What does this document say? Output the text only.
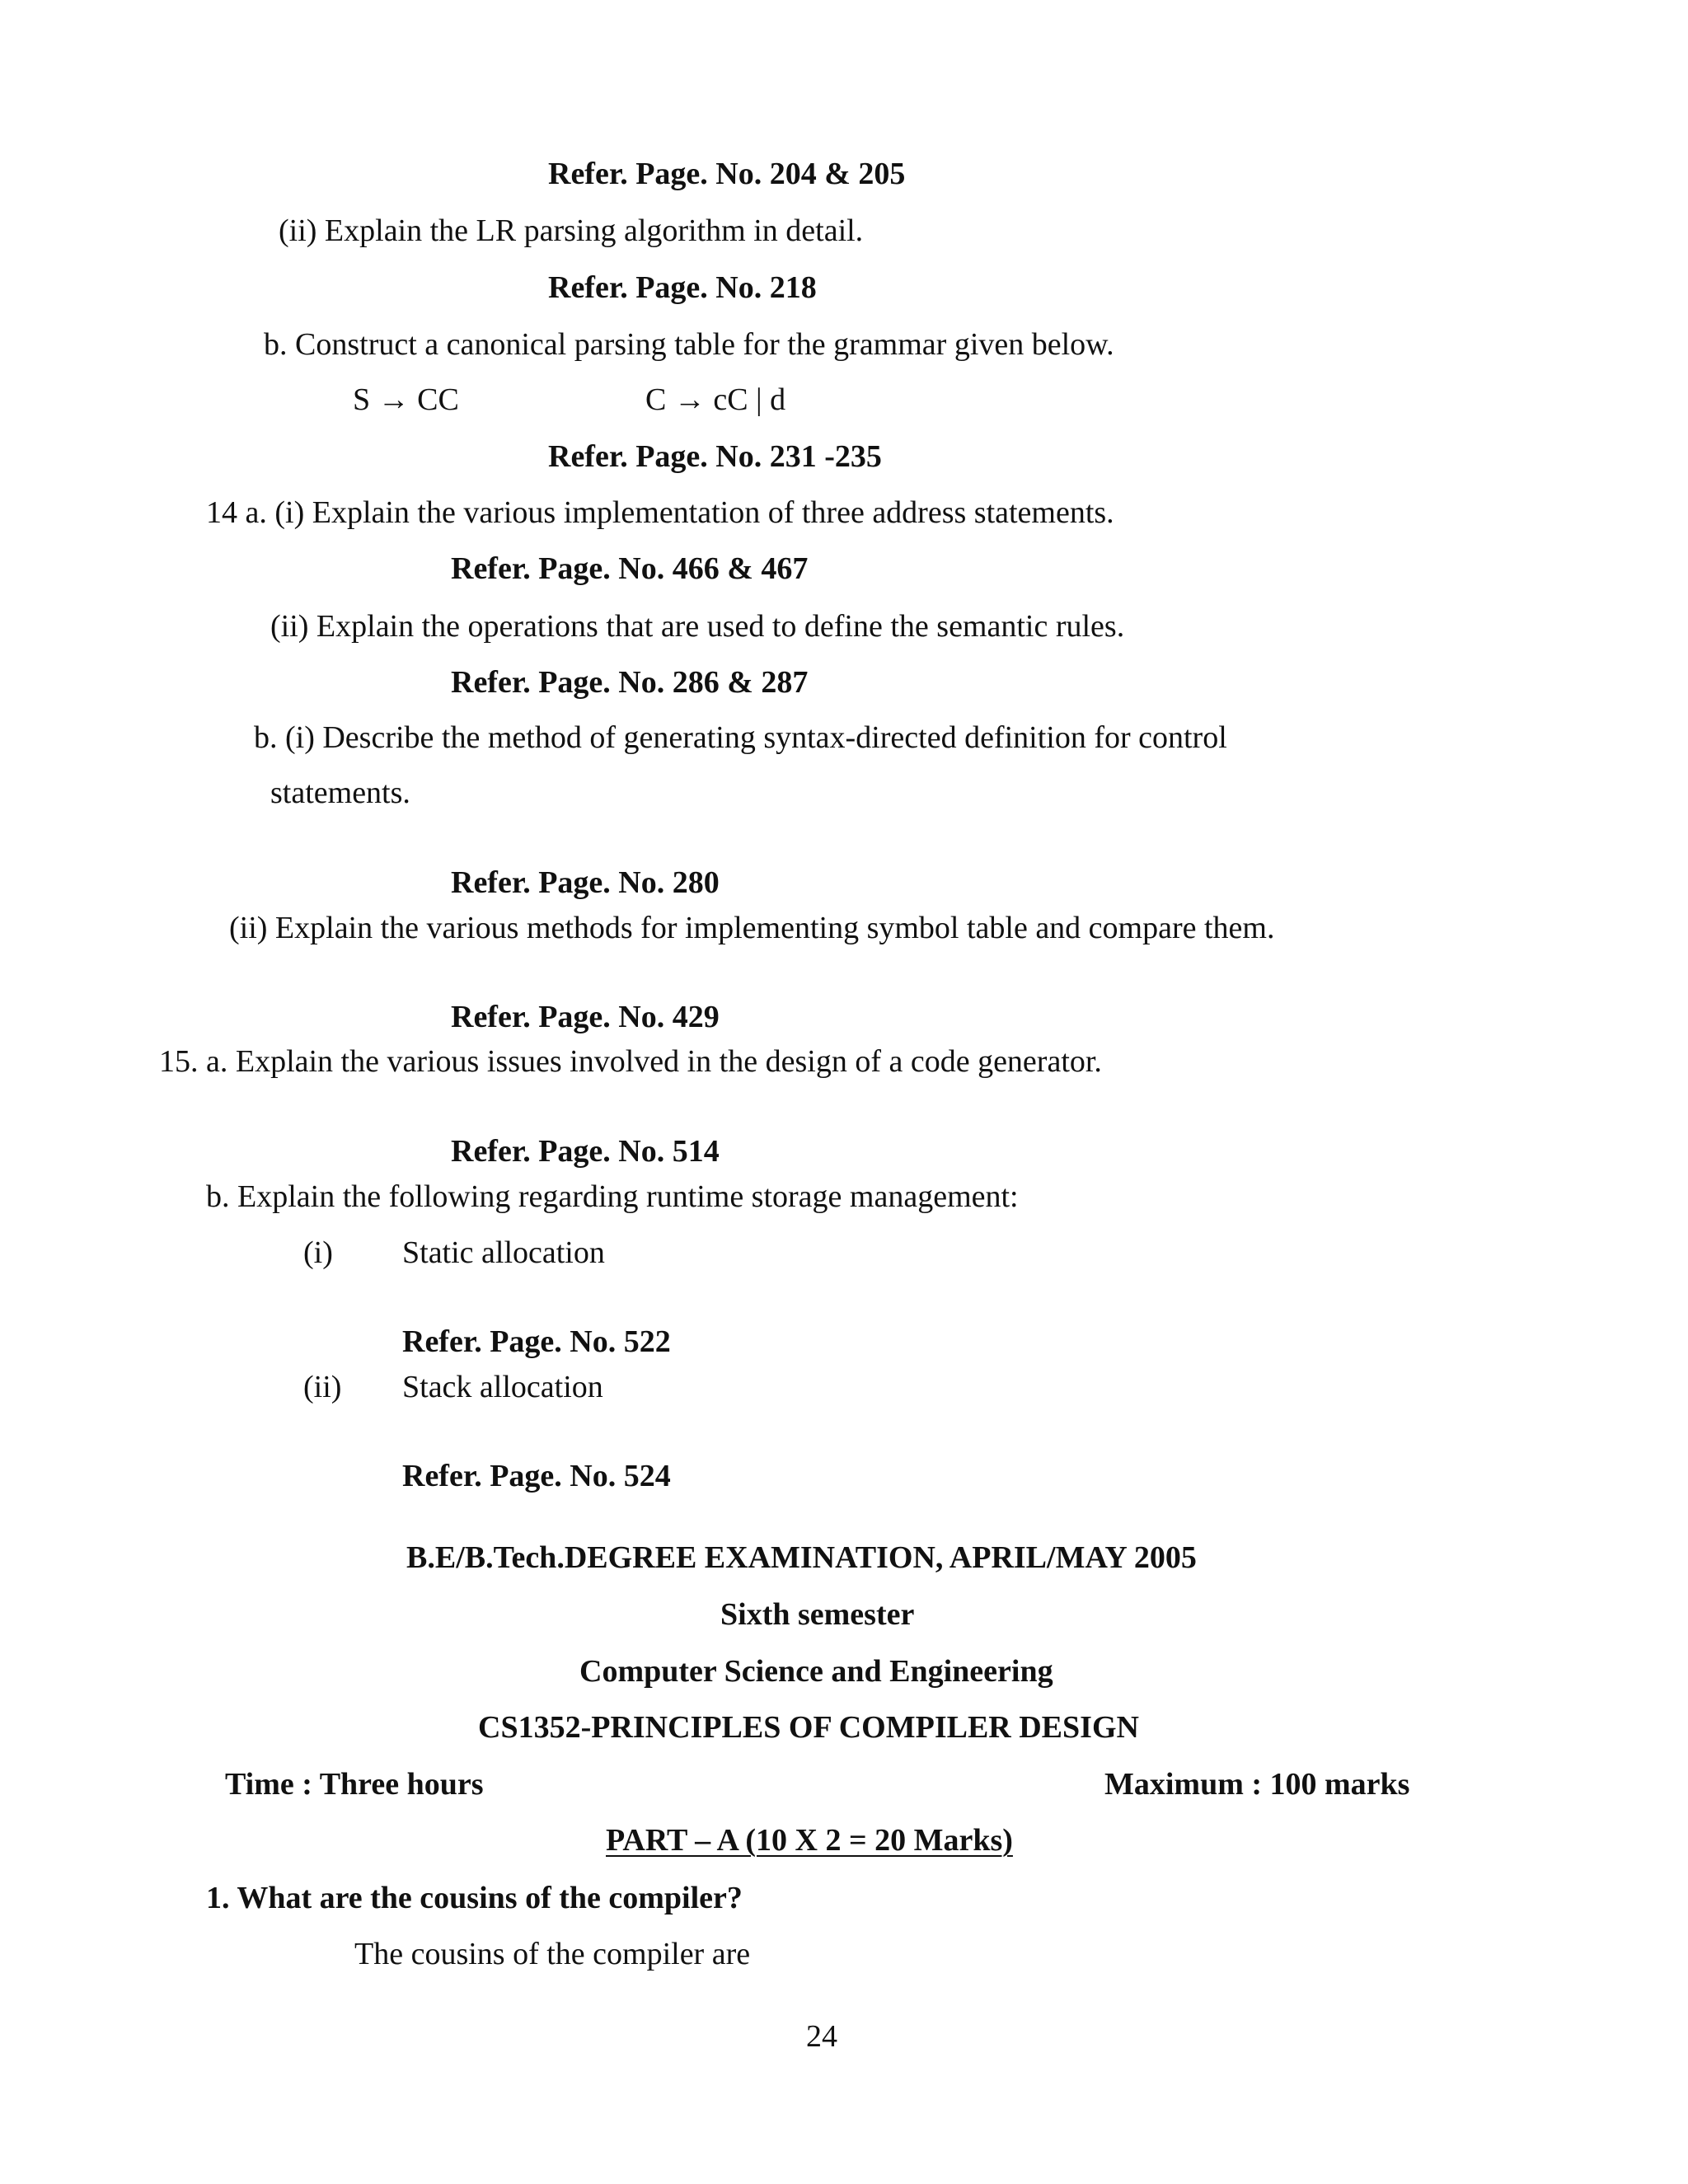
Refer. Page. No. 204 & 205
(ii) Explain the LR parsing algorithm in detail.
Refer. Page. No. 218
b. Construct a canonical parsing table for the grammar given below.
S → CC	C → cC | d
Refer. Page. No. 231 -235
14 a. (i) Explain the various implementation of three address statements.
Refer. Page. No. 466 & 467
(ii) Explain the operations that are used to define the semantic rules.
Refer. Page. No. 286 & 287
b. (i) Describe the method of generating syntax-directed definition for control
statements.
Refer. Page. No. 280
(ii) Explain the various methods for implementing symbol table and compare them.
Refer. Page. No. 429
15. a. Explain the various issues involved in the design of a code generator.
Refer. Page. No. 514
b. Explain the following regarding runtime storage management:
(i) Static allocation
Refer. Page. No. 522
(ii) Stack allocation
Refer. Page. No. 524
B.E/B.Tech.DEGREE EXAMINATION, APRIL/MAY 2005
Sixth semester
Computer Science and Engineering
CS1352-PRINCIPLES OF COMPILER DESIGN
Time : Three hours	Maximum : 100 marks
PART – A (10 X 2 = 20 Marks)
1. What are the cousins of the compiler?
The cousins of the compiler are
24
